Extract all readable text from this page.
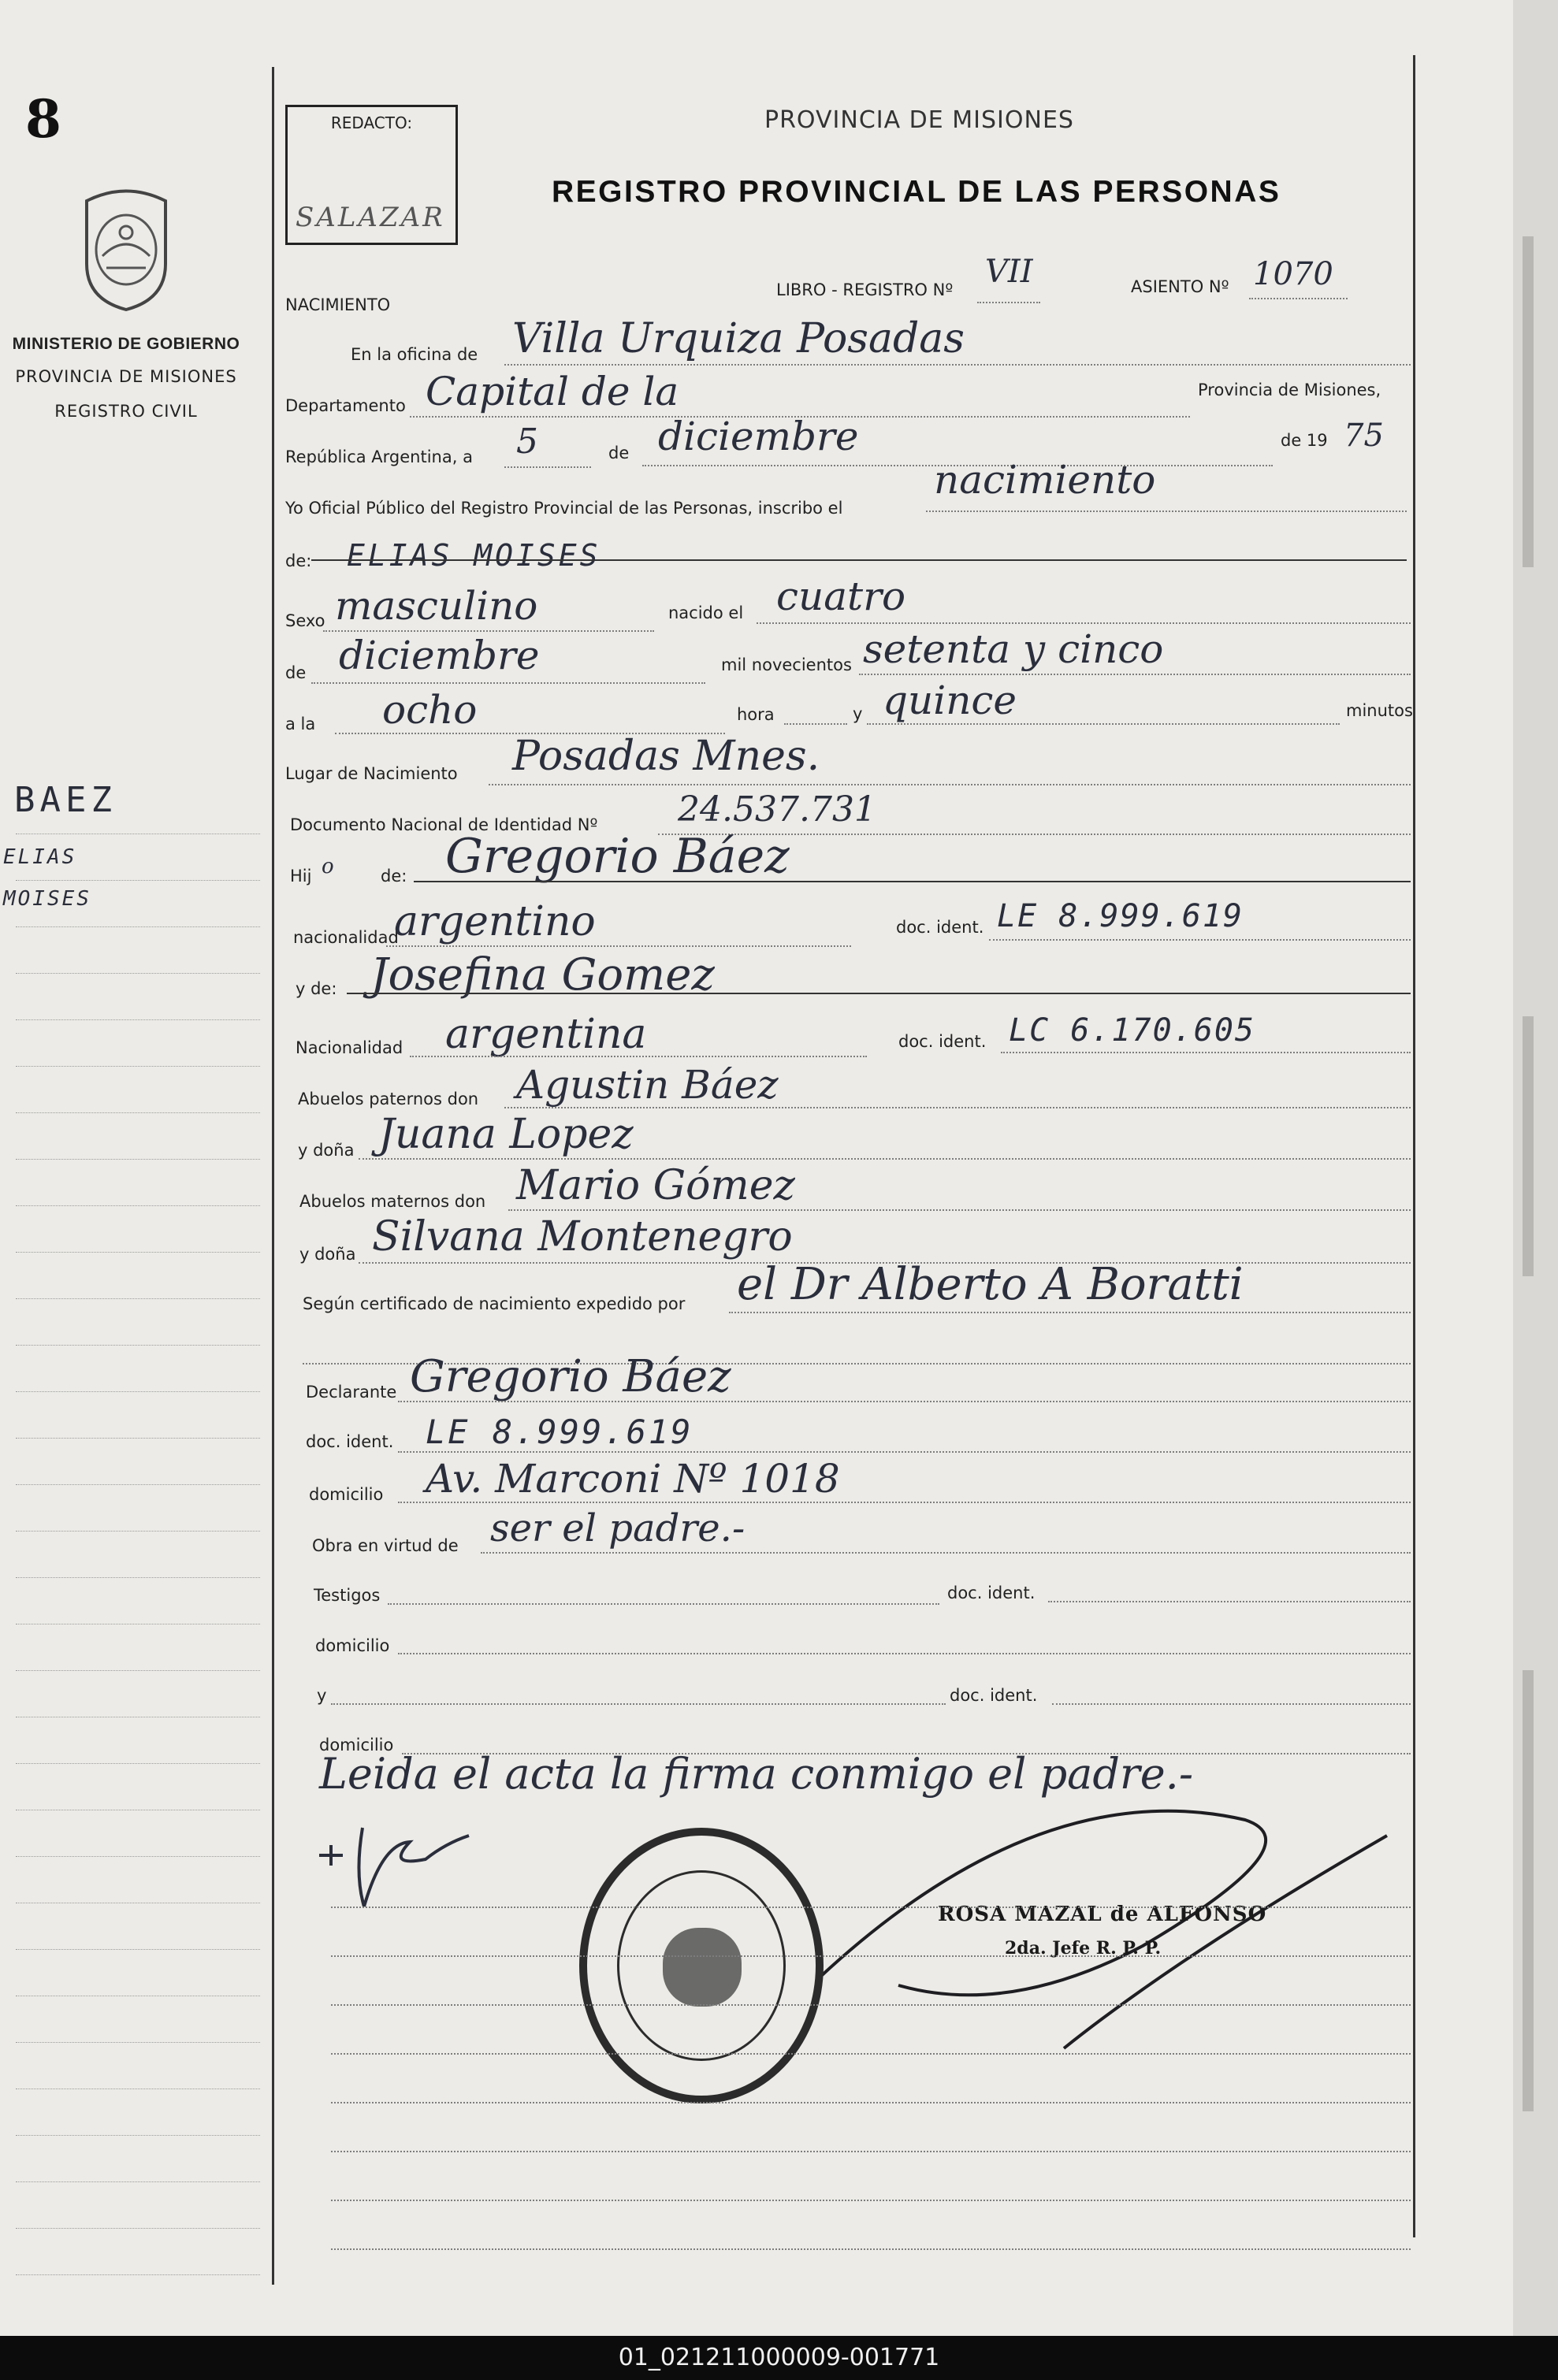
8
MINISTERIO DE GOBIERNO
PROVINCIA DE MISIONES
REGISTRO CIVIL
BAEZ
ELIAS
MOISES
REDACTO:
SALAZAR
PROVINCIA DE MISIONES
REGISTRO PROVINCIAL DE LAS PERSONAS
NACIMIENTO
LIBRO - REGISTRO Nº VII	ASIENTO Nº 1070
En la oficina de Villa Urquiza Posadas
Departamento Capital de la	Provincia de Misiones,
República Argentina, a 5	de diciembre	de 19 75
Yo Oficial Público del Registro Provincial de las Personas, inscribo el
nacimiento
de: ELIAS MOISES
Sexo masculino	nacido el cuatro
de diciembre	mil novecientos setenta y cinco
a la ocho	hora	y quince	minutos
Lugar de Nacimiento Posadas Mnes.
Documento Nacional de Identidad Nº 24.537.731
Hij o	de: Gregorio Báez
nacionalidad
argentino	doc. ident. LE 8.999.619
y de: Josefina Gomez
Nacionalidad argentina	doc. ident. LC 6.170.605
Abuelos paternos don Agustin Báez
y doña Juana Lopez
Abuelos maternos don Mario Gómez
y doña Silvana Montenegro
Según certificado de nacimiento expedido por el Dr Alberto A Boratti
Declarante Gregorio Báez
doc. ident. LE 8.999.619
domicilio Av. Marconi Nº 1018
Obra en virtud de ser el padre.-
Testigos	doc. ident.
domicilio
y	doc. ident.
domicilio
Leida el acta la firma conmigo el padre.-
ROSA MAZAL de ALFONSO
2da. Jefe R. P. P.
01_021211000009-001771
